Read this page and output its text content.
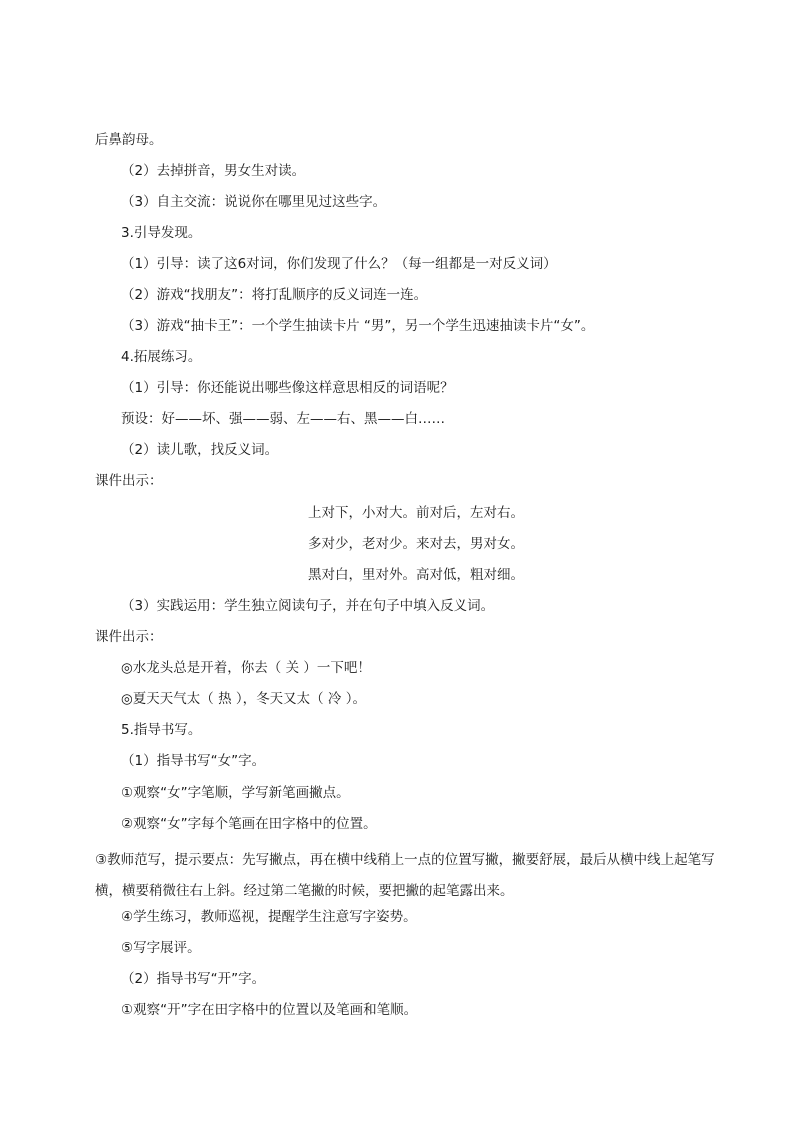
后鼻韵母。
（2）去掉拼音，男女生对读。
（3）自主交流：说说你在哪里见过这些字。
3.引导发现。
（1）引导：读了这6对词，你们发现了什么？（每一组都是一对反义词）
（2）游戏“找朋友”：将打乱顺序的反义词连一连。
（3）游戏“抽卡王”：一个学生抽读卡片 “男”，另一个学生迅速抽读卡片“女”。
4.拓展练习。
（1）引导：你还能说出哪些像这样意思相反的词语呢？
预设：好——坏、强——弱、左——右、黑——白……
（2）读儿歌，找反义词。
课件出示：
上对下，小对大。前对后，左对右。
多对少，老对少。来对去，男对女。
黑对白，里对外。高对低，粗对细。
（3）实践运用：学生独立阅读句子，并在句子中填入反义词。
课件出示：
◎水龙头总是开着，你去（ 关 ）一下吧！
◎夏天天气太（ 热 ），冬天又太（ 冷 ）。
5.指导书写。
（1）指导书写“女”字。
①观察“女”字笔顺，学写新笔画撇点。
②观察“女”字每个笔画在田字格中的位置。
③教师范写，提示要点：先写撇点，再在横中线稍上一点的位置写撇，撇要舒展，最后从横中线上起笔写横，横要稍微往右上斜。经过第二笔撇的时候，要把撇的起笔露出来。
④学生练习，教师巡视，提醒学生注意写字姿势。
⑤写字展评。
（2）指导书写“开”字。
①观察“开”字在田字格中的位置以及笔画和笔顺。
